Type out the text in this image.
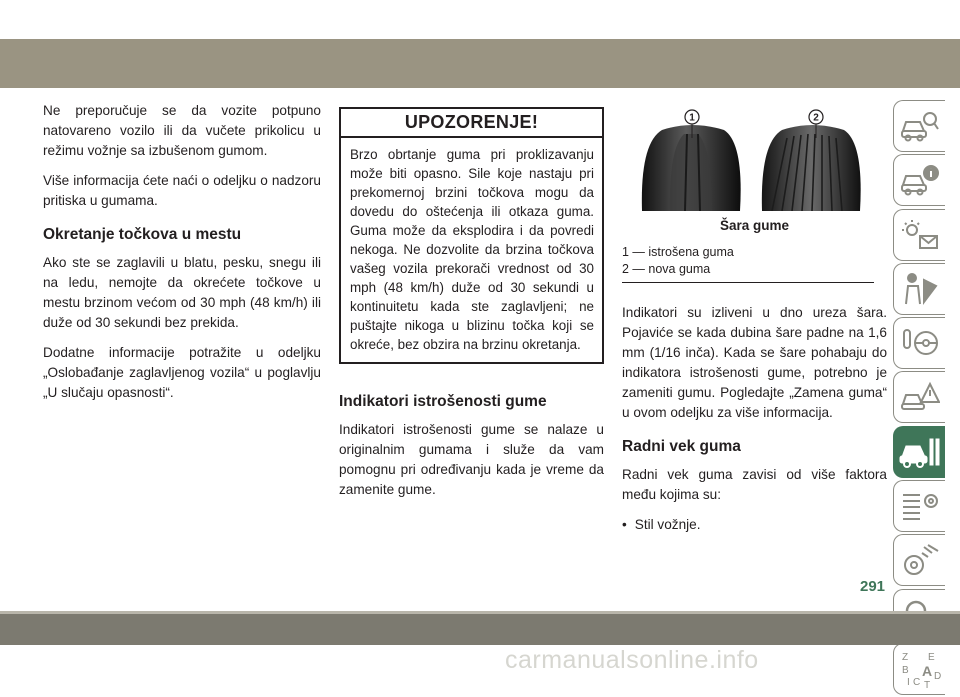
Ne preporučuje se da vozite potpuno natovareno vozilo ili da vučete prikolicu u režimu vožnje sa izbušenom gumom.

Više informacija ćete naći o odeljku o nadzoru pritiska u gumama.

Okretanje točkova u mestu

Ako ste se zaglavili u blatu, pesku, snegu ili na ledu, nemojte da okrećete točkove u mestu brzinom većom od 30 mph (48 km/h) ili duže od 30 sekundi bez prekida.

Dodatne informacije potražite u odeljku „Oslobađanje zaglavljenog vozila“ u poglavlju „U slučaju opasnosti“.

UPOZORENJE!
Brzo obrtanje guma pri proklizavanju može biti opasno. Sile koje nastaju pri prekomernoj brzini točkova mogu da dovedu do oštećenja ili otkaza guma. Guma može da eksplodira i da povredi nekoga. Ne dozvolite da brzina točkova vašeg vozila prekorači vrednost od 30 mph (48 km/h) duže od 30 sekundi u kontinuitetu kada ste zaglavljeni; ne puštajte nikoga u blizinu točka koji se okreće, bez obzira na brzinu okretanja.
Indikatori istrošenosti gume

Indikatori istrošenosti gume se nalaze u originalnim gumama i služe da vam pomognu pri određivanju kada je vreme da zamenite gume.

1	2
Šara gume
1 — istrošena guma
2 — nova guma

Indikatori su izliveni u dno ureza šara. Pojaviće se kada dubina šare padne na 1,6 mm (1/16 inča). Kada se šare pohabaju do indikatora istrošenosti gume, potrebno je zameniti gumu. Pogledajte „Zamena guma“ u ovom odeljku za više informacija.

Radni vek guma

Radni vek guma zavisi od više faktora među kojima su:

• Stil vožnje.
Z E
B A
I C
D
T
291
carmanualsonline.info
